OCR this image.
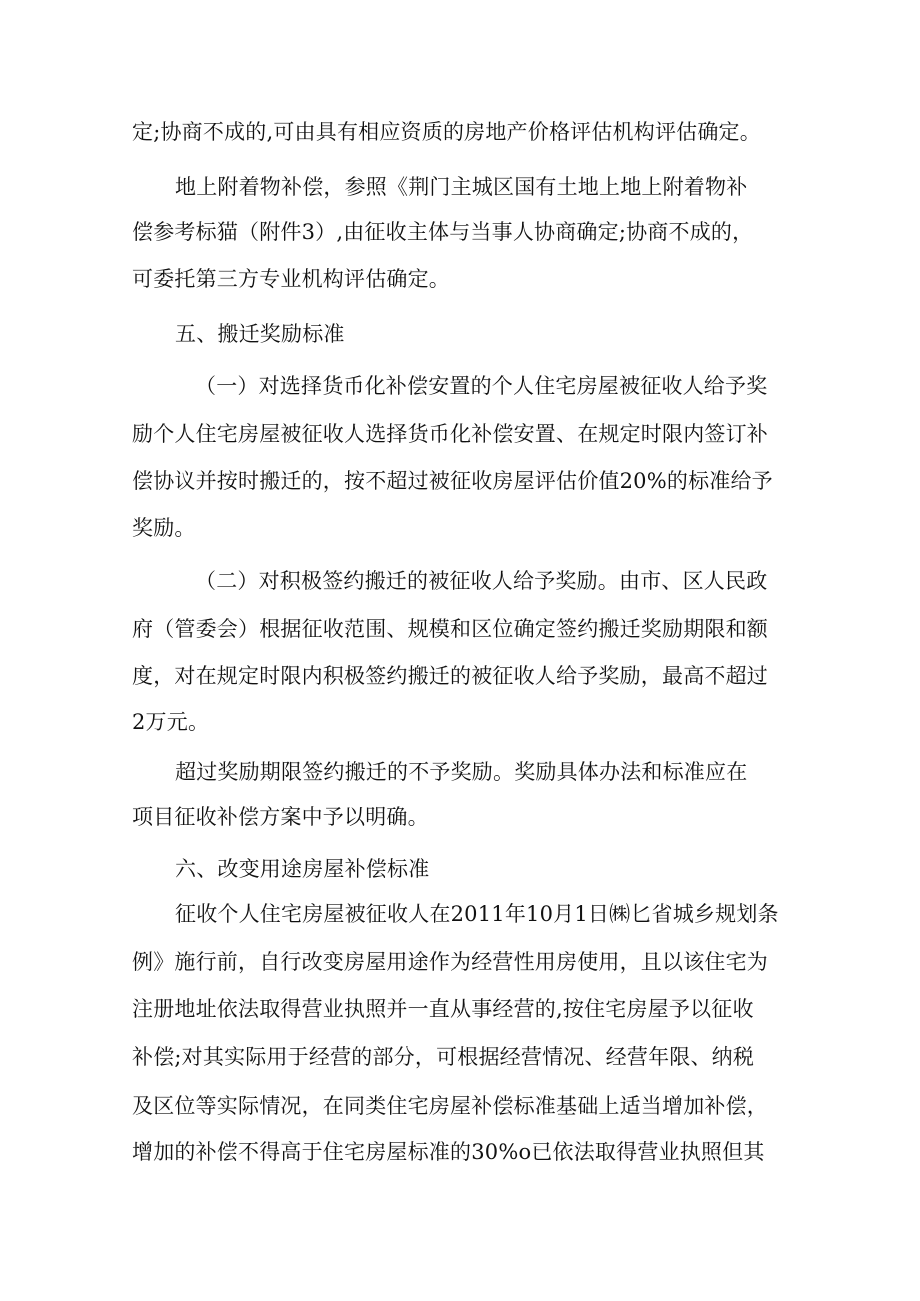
定;协商不成的,可由具有相应资质的房地产价格评估机构评估确定。
地上附着物补偿，参照《荆门主城区国有土地上地上附着物补
偿参考标猫（附件3）,由征收主体与当事人协商确定;协商不成的，
可委托第三方专业机构评估确定。
五、搬迁奖励标准
（一）对选择货币化补偿安置的个人住宅房屋被征收人给予奖
励个人住宅房屋被征收人选择货币化补偿安置、在规定时限内签订补
偿协议并按时搬迁的，按不超过被征收房屋评估价值20%的标准给予
奖励。
（二）对积极签约搬迁的被征收人给予奖励。由市、区人民政
府（管委会）根据征收范围、规模和区位确定签约搬迁奖励期限和额
度，对在规定时限内积极签约搬迁的被征收人给予奖励，最高不超过
2万元。
超过奖励期限签约搬迁的不予奖励。奖励具体办法和标准应在
项目征收补偿方案中予以明确。
六、改变用途房屋补偿标准
征收个人住宅房屋被征收人在2011年10月1日㈱匕省城乡规划条
例》施行前，自行改变房屋用途作为经营性用房使用，且以该住宅为
注册地址依法取得营业执照并一直从事经营的,按住宅房屋予以征收
补偿;对其实际用于经营的部分，可根据经营情况、经营年限、纳税
及区位等实际情况，在同类住宅房屋补偿标准基础上适当增加补偿，
增加的补偿不得高于住宅房屋标准的30%o已依法取得营业执照但其
